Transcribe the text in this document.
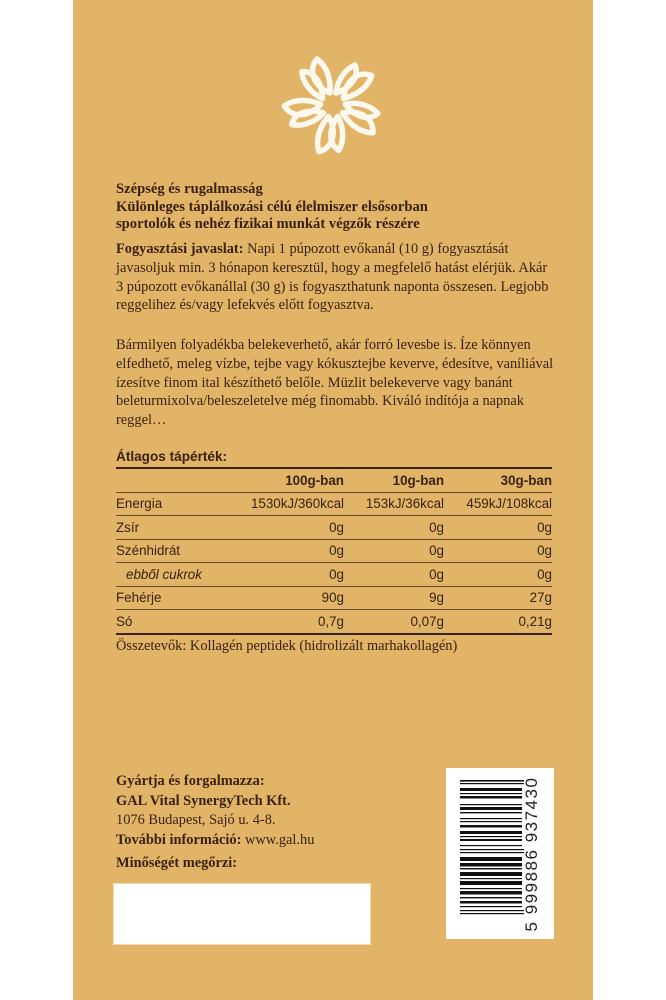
Szépség és rugalmasság
Különleges táplálkozási célú élelmiszer elsősorban
sportolók és nehéz fizikai munkát végzők részére
Fogyasztási javaslat: Napi 1 púpozott evőkanál (10 g) fogyasztását javasoljuk min. 3 hónapon keresztül, hogy a megfelelő hatást elérjük. Akár 3 púpozott evőkanállal (30 g) is fogyaszthatunk naponta összesen. Legjobb reggelihez és/vagy lefekvés előtt fogyasztva.
Bármilyen folyadékba belekeverhető, akár forró levesbe is. Íze könnyen elfedhető, meleg vízbe, tejbe vagy kókusztejbe keverve, édesítve, vaníliával ízesítve finom ital készíthető belőle. Müzlit belekeverve vagy banánt beleturmixolva/beleszeletelve még finomabb. Kiváló indítója a napnak reggel…
Átlagos tápérték:
	100g-ban	10g-ban	30g-ban
Energia	1530kJ/360kcal	153kJ/36kcal	459kJ/108kcal
Zsír	0g	0g	0g
Szénhidrát	0g	0g	0g
ebből cukrok	0g	0g	0g
Fehérje	90g	9g	27g
Só	0,7g	0,07g	0,21g
Összetevők: Kollagén peptidek (hidrolizált marhakollagén)
Gyártja és forgalmazza:
GAL Vital SynergyTech Kft.
1076 Budapest, Sajó u. 4-8.
További információ: www.gal.hu
Minőségét megőrzi:	5 999886 937430
